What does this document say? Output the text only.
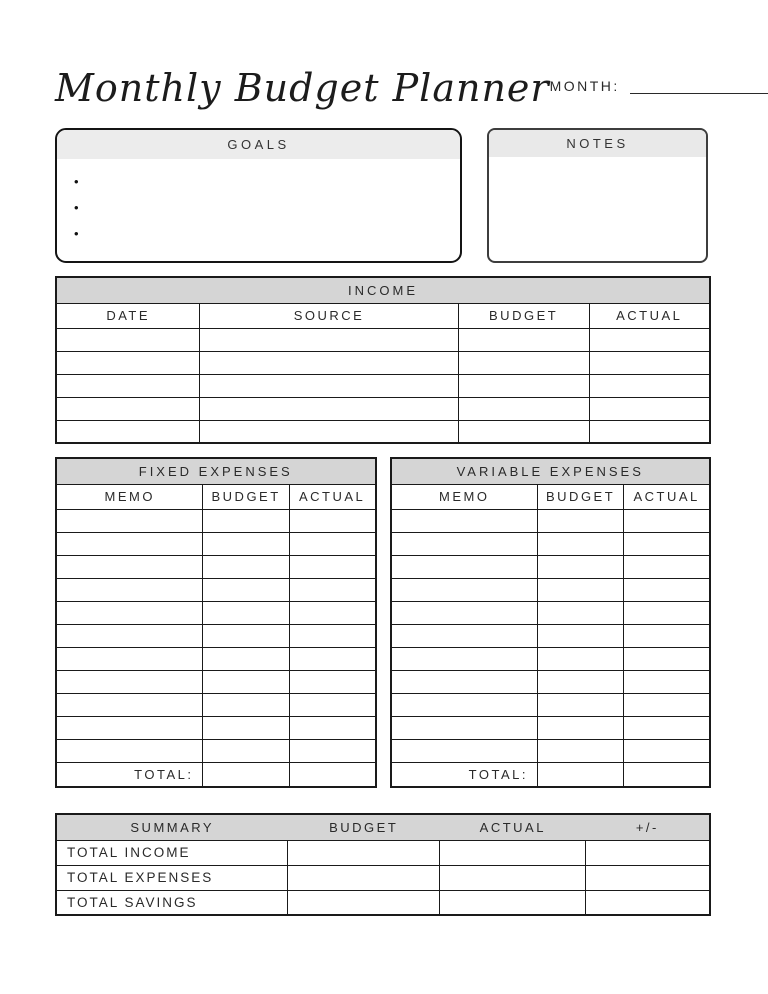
Monthly Budget Planner MONTH:
GOALS
•
•
•
NOTES
INCOME			
DATE	SOURCE	BUDGET	ACTUAL

FIXED EXPENSES		
MEMO	BUDGET	ACTUAL

TOTAL:		
VARIABLE EXPENSES		
MEMO	BUDGET	ACTUAL

TOTAL:		
SUMMARY	BUDGET	ACTUAL	+/-
TOTAL INCOME			
TOTAL EXPENSES			
TOTAL SAVINGS			
